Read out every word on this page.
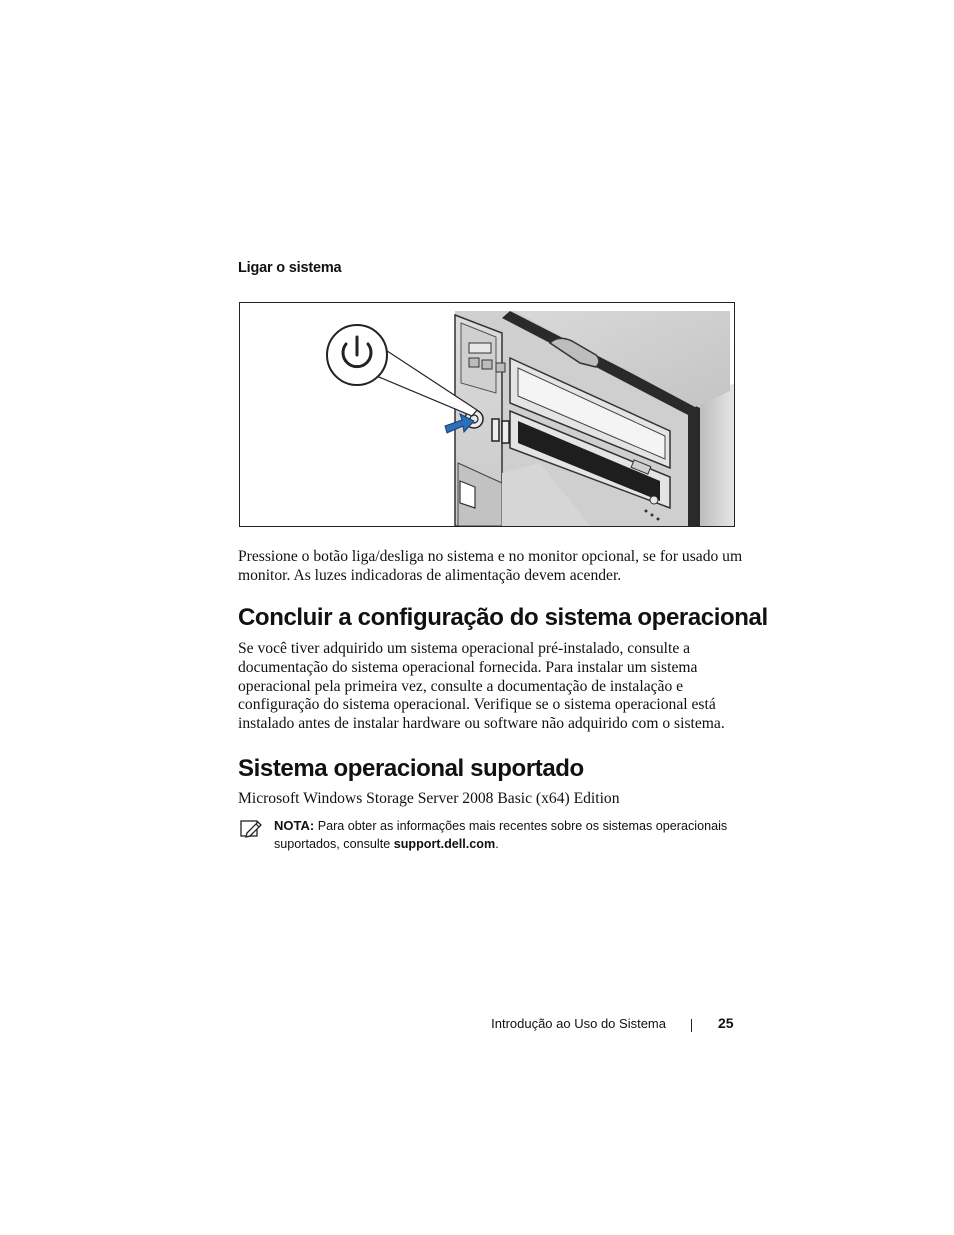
Ligar o sistema
Pressione o botão liga/desliga no sistema e no monitor opcional, se for usado um monitor. As luzes indicadoras de alimentação devem acender.
Concluir a configuração do sistema operacional
Se você tiver adquirido um sistema operacional pré-instalado, consulte a documentação do sistema operacional fornecida. Para instalar um sistema operacional pela primeira vez, consulte a documentação de instalação e configuração do sistema operacional. Verifique se o sistema operacional está instalado antes de instalar hardware ou software não adquirido com o sistema.
Sistema operacional suportado
Microsoft Windows Storage Server 2008 Basic (x64) Edition
NOTA: Para obter as informações mais recentes sobre os sistemas operacionais suportados, consulte support.dell.com.
Introdução ao Uso do Sistema	25
